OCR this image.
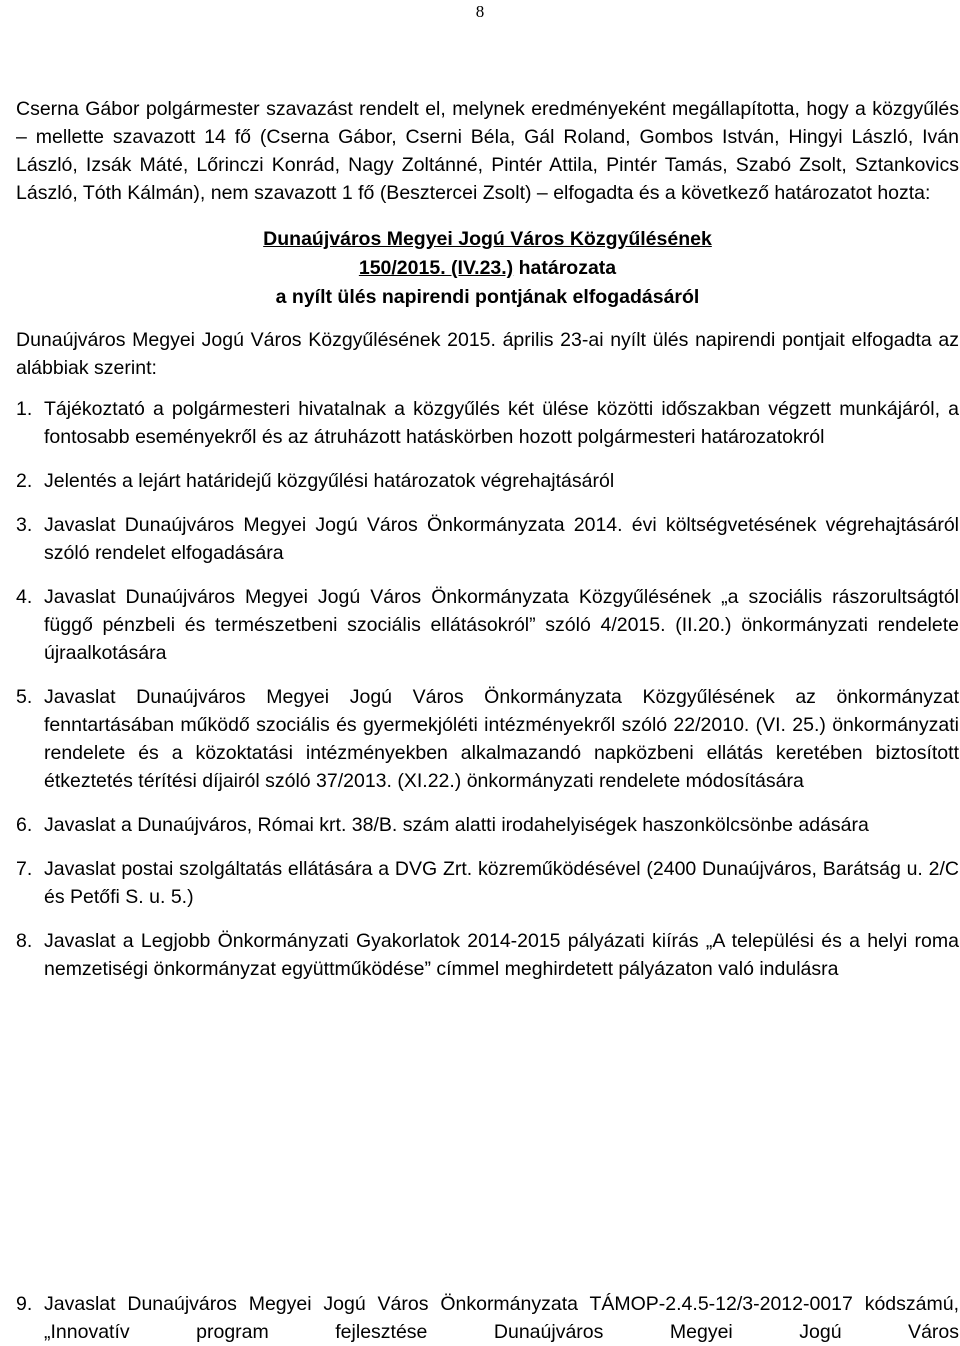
8

Cserna Gábor polgármester szavazást rendelt el, melynek eredményeként megállapította, hogy a közgyűlés – mellette szavazott 14 fő (Cserna Gábor, Cserni Béla, Gál Roland, Gombos István, Hingyi László, Iván László, Izsák Máté, Lőrinczi Konrád, Nagy Zoltánné, Pintér Attila, Pintér Tamás, Szabó Zsolt, Sztankovics László, Tóth Kálmán), nem szavazott 1 fő (Besztercei Zsolt) – elfogadta és a következő határozatot hozta:

Dunaújváros Megyei Jogú Város Közgyűlésének
150/2015. (IV.23.) határozata
a nyílt ülés napirendi pontjának elfogadásáról

Dunaújváros Megyei Jogú Város Közgyűlésének 2015. április 23-ai nyílt ülés napirendi pontjait elfogadta az alábbiak szerint:

1. Tájékoztató a polgármesteri hivatalnak a közgyűlés két ülése közötti időszakban végzett munkájáról, a fontosabb eseményekről és az átruházott hatáskörben hozott polgármesteri határozatokról
2. Jelentés a lejárt határidejű közgyűlési határozatok végrehajtásáról
3. Javaslat Dunaújváros Megyei Jogú Város Önkormányzata 2014. évi költségvetésének végrehajtásáról szóló rendelet elfogadására
4. Javaslat Dunaújváros Megyei Jogú Város Önkormányzata Közgyűlésének „a szociális rászorultságtól függő pénzbeli és természetbeni szociális ellátásokról” szóló 4/2015. (II.20.) önkormányzati rendelete újraalkotására
5. Javaslat Dunaújváros Megyei Jogú Város Önkormányzata Közgyűlésének az önkormányzat fenntartásában működő szociális és gyermekjóléti intézményekről szóló 22/2010. (VI. 25.) önkormányzati rendelete és a közoktatási intézményekben alkalmazandó napközbeni ellátás keretében biztosított étkeztetés térítési díjairól szóló 37/2013. (XI.22.) önkormányzati rendelete módosítására
6. Javaslat a Dunaújváros, Római krt. 38/B. szám alatti irodahelyiségek haszonkölcsönbe adására
7. Javaslat postai szolgáltatás ellátására a DVG Zrt. közreműködésével (2400 Dunaújváros, Barátság u. 2/C és Petőfi S. u. 5.)
8. Javaslat a Legjobb Önkormányzati Gyakorlatok 2014-2015 pályázati kiírás „A települési és a helyi roma nemzetiségi önkormányzat együttműködése” címmel meghirdetett pályázaton való indulásra
9. Javaslat Dunaújváros Megyei Jogú Város Önkormányzata TÁMOP-2.4.5-12/3-2012-0017 kódszámú, „Innovatív program fejlesztése Dunaújváros Megyei Jogú Város
